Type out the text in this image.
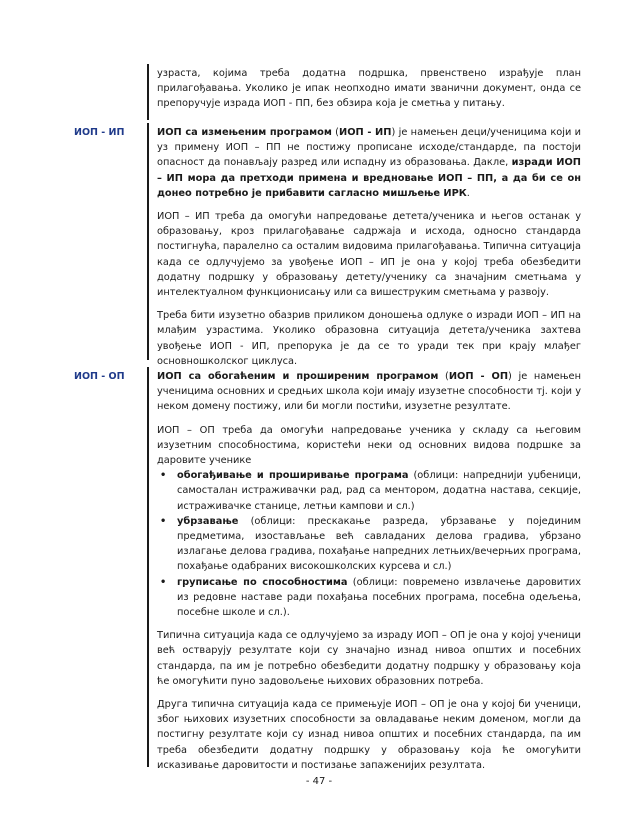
узраста, којима треба додатна подршка, првенствено израђује план прилагођавања. Уколико је ипак неопходно имати званични документ, онда се препоручује израда ИОП - ПП, без обзира која је сметња у питању.

ИОП - ИП	ИОП са измењеним програмом (ИОП - ИП) је намењен деци/ученицима који и уз примену ИОП – ПП не постижу прописане исходе/стандарде, па постоји опасност да понављају разред или испадну из образовања. Дакле, изради ИОП – ИП мора да претходи примена и вредновање ИОП – ПП, а да би се он донео потребно је прибавити сагласно мишљење ИРК.

ИОП – ИП треба да омогући напредовање детета/ученика и његов останак у образовању, кроз прилагођавање садржаја и исхода, односно стандарда постигнућа, паралелно са осталим видовима прилагођавања. Типична ситуација када се одлучујемо за увођење ИОП – ИП је она у којој треба обезбедити додатну подршку у образовању детету/ученику са значајним сметњама у интелектуалном функционисању или са вишеструким сметњама у развоју.

Треба бити изузетно обазрив приликом доношења одлуке о изради ИОП – ИП на млађим узрастима. Уколико образовна ситуација детета/ученика захтева увођење ИОП - ИП, препорука је да се то уради тек при крају млађег основношколског циклуса.

ИОП - ОП	ИОП са обогаћеним и проширеним програмом (ИОП - ОП) је намењен ученицима основних и средњих школа који имају изузетне способности тј. који у неком домену постижу, или би могли постићи, изузетне резултате.

ИОП – ОП треба да омогући напредовање ученика у складу са његовим изузетним способностима, користећи неки од основних видова подршке за даровите ученике

• обогађивање и проширивање програма (облици: напреднији уџбеници, самосталан истраживачки рад, рад са ментором, додатна настава, секције, истраживачке станице, летњи кампови и сл.)
• убрзавање (облици: прескакање разреда, убрзавање у појединим предметима, изостављање већ савладаних делова градива, убрзано излагање делова градива, похађање напредних летњих/вечерњих програма, похађање одабраних високошколских курсева и сл.)
• груписање по способностима (облици: повремено извлачење даровитих из редовне наставе ради похађања посебних програма, посебна одељења, посебне школе и сл.).

Типична ситуација када се одлучујемо за израду ИОП – ОП је она у којој ученици већ остварују резултате који су значајно изнад нивоа општих и посебних стандарда, па им је потребно обезбедити додатну подршку у образовању која ће омогућити пуно задовољење њихових образовних потреба.

Друга типична ситуација када се примењује ИОП – ОП је она у којој би ученици, због њихових изузетних способности за овладавање неким доменом, могли да постигну резултате који су изнад нивоа општих и посебних стандарда, па им треба обезбедити додатну подршку у образовању која ће омогућити исказивање даровитости и постизање запаженијих резултата.

- 47 -
